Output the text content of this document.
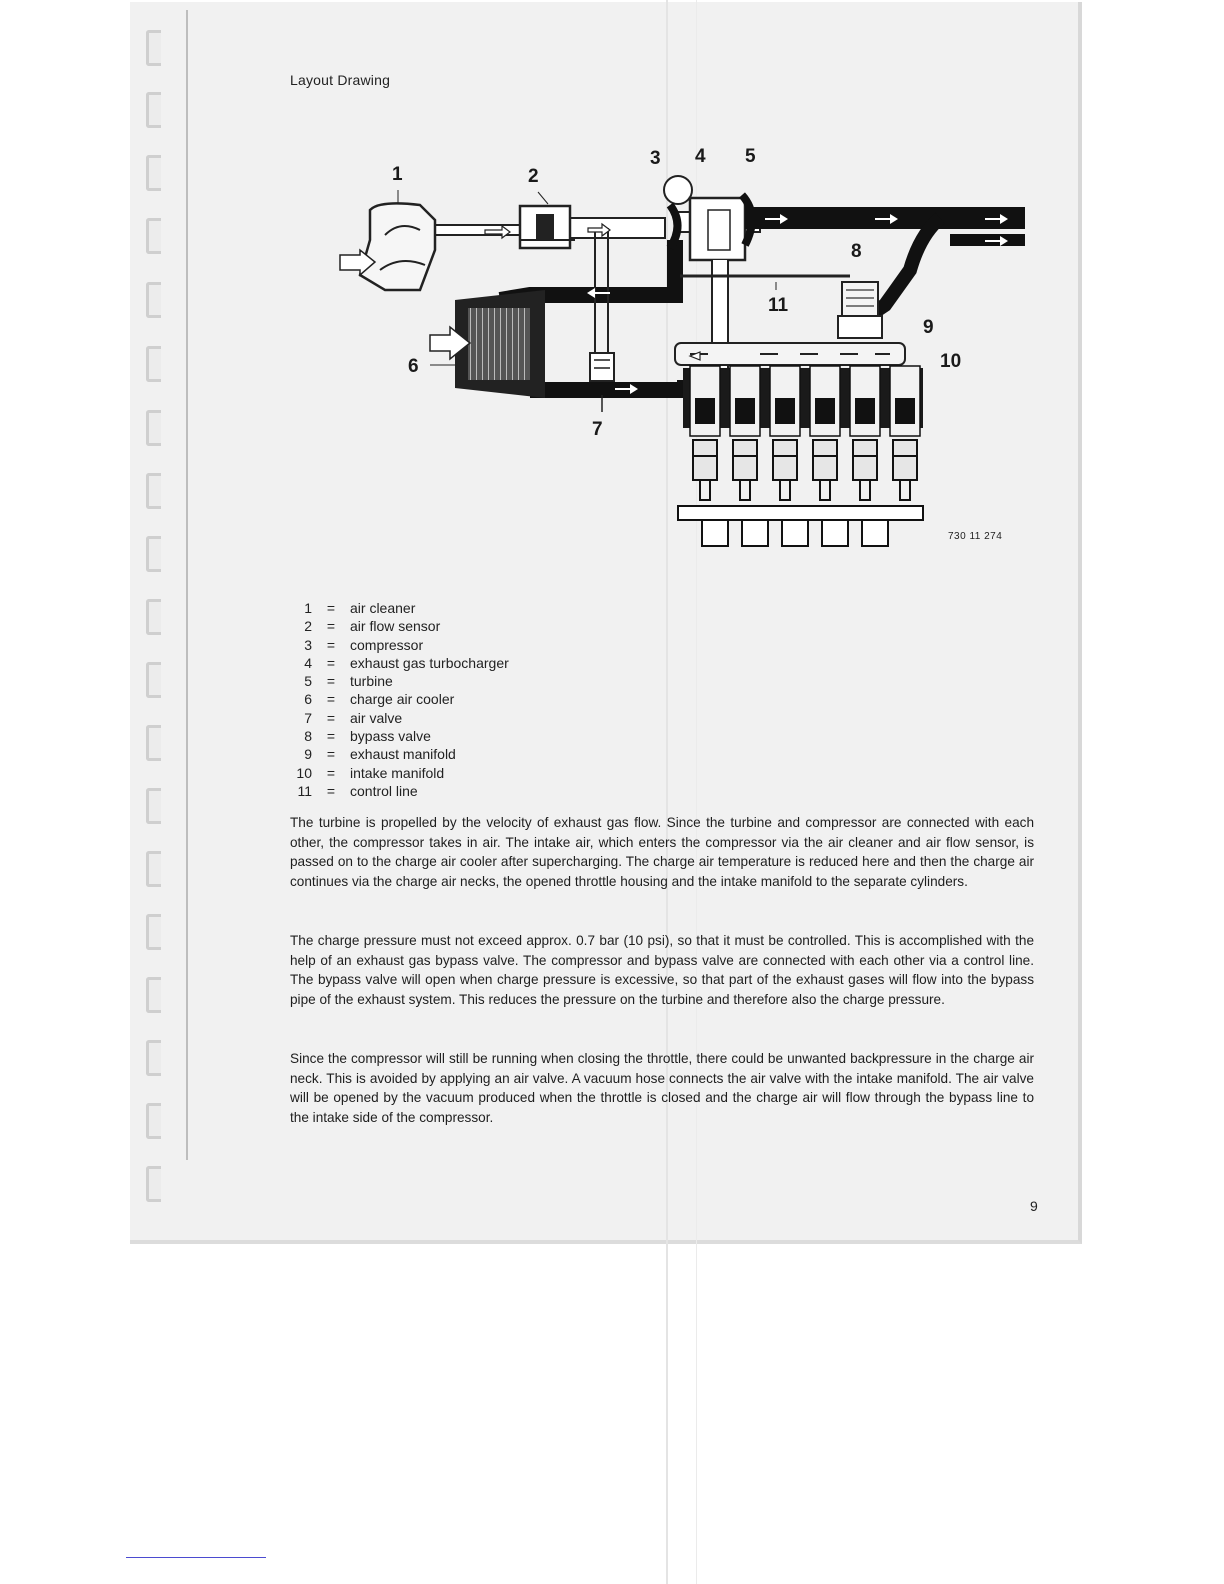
Layout Drawing
1	2
3 4 5
6
7
8
9
10
11
730 11 274
1	=	air cleaner
2	=	air flow sensor
3	=	compressor
4	=	exhaust gas turbocharger
5	=	turbine
6	=	charge air cooler
7	=	air valve
8	=	bypass valve
9	=	exhaust manifold
10	=	intake manifold
11	=	control line

The turbine is propelled by the velocity of exhaust gas flow. Since the turbine and compressor are connected with each other, the compressor takes in air. The intake air, which enters the compressor via the air cleaner and air flow sensor, is passed on to the charge air cooler after supercharging. The charge air temperature is reduced here and then the charge air continues via the charge air necks, the opened throttle housing and the intake manifold to the separate cylinders.

The charge pressure must not exceed approx. 0.7 bar (10 psi), so that it must be controlled. This is accomplished with the help of an exhaust gas bypass valve. The compressor and bypass valve are connected with each other via a control line. The bypass valve will open when charge pressure is excessive, so that part of the exhaust gases will flow into the bypass pipe of the exhaust system. This reduces the pressure on the turbine and therefore also the charge pressure.

Since the compressor will still be running when closing the throttle, there could be unwanted backpressure in the charge air neck. This is avoided by applying an air valve. A vacuum hose connects the air valve with the intake manifold. The air valve will be opened by the vacuum produced when the throttle is closed and the charge air will flow through the bypass line to the intake side of the compressor.

9
